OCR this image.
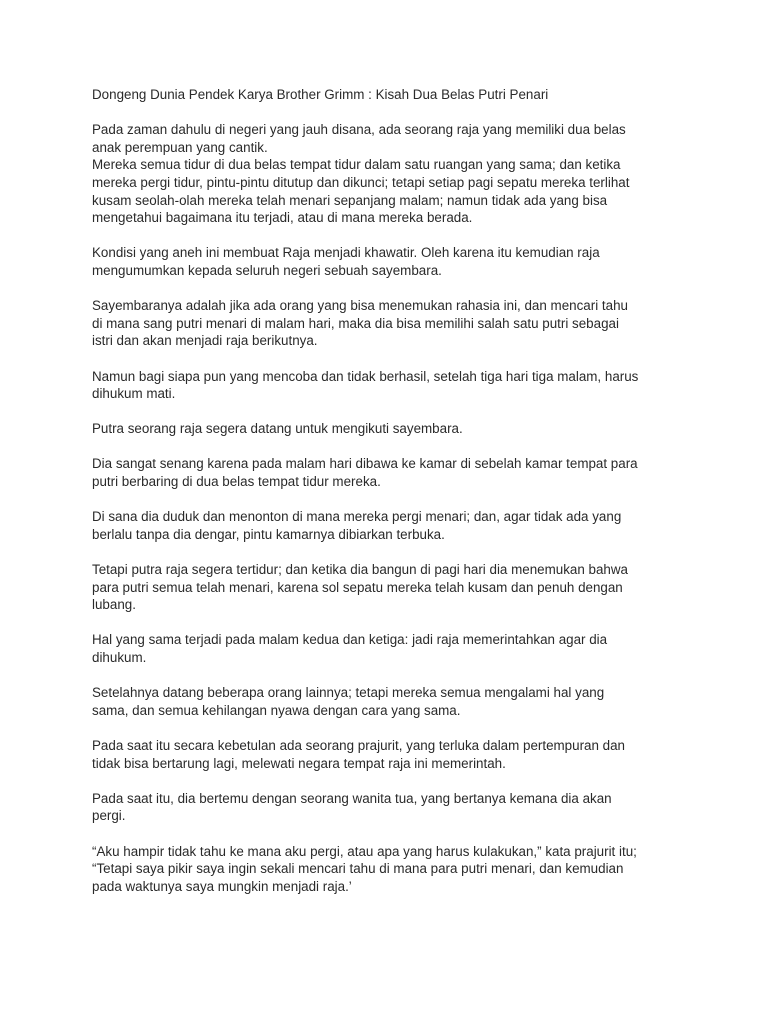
Dongeng Dunia Pendek Karya Brother Grimm : Kisah Dua Belas Putri Penari

Pada zaman dahulu di negeri yang jauh disana, ada seorang raja yang memiliki dua belas
anak perempuan yang cantik.
Mereka semua tidur di dua belas tempat tidur dalam satu ruangan yang sama; dan ketika
mereka pergi tidur, pintu-pintu ditutup dan dikunci; tetapi setiap pagi sepatu mereka terlihat
kusam seolah-olah mereka telah menari sepanjang malam; namun tidak ada yang bisa
mengetahui bagaimana itu terjadi, atau di mana mereka berada.

Kondisi yang aneh ini membuat Raja menjadi khawatir. Oleh karena itu kemudian raja
mengumumkan kepada seluruh negeri sebuah sayembara.

Sayembaranya adalah jika ada orang yang bisa menemukan rahasia ini, dan mencari tahu
di mana sang putri menari di malam hari, maka dia bisa memilihi salah satu putri sebagai
istri dan akan menjadi raja berikutnya.

Namun bagi siapa pun yang mencoba dan tidak berhasil, setelah tiga hari tiga malam, harus
dihukum mati.

Putra seorang raja segera datang untuk mengikuti sayembara.

Dia sangat senang karena pada malam hari dibawa ke kamar di sebelah kamar tempat para
putri berbaring di dua belas tempat tidur mereka.

Di sana dia duduk dan menonton di mana mereka pergi menari; dan, agar tidak ada yang
berlalu tanpa dia dengar, pintu kamarnya dibiarkan terbuka.

Tetapi putra raja segera tertidur; dan ketika dia bangun di pagi hari dia menemukan bahwa
para putri semua telah menari, karena sol sepatu mereka telah kusam dan penuh dengan
lubang.

Hal yang sama terjadi pada malam kedua dan ketiga: jadi raja memerintahkan agar dia
dihukum.

Setelahnya datang beberapa orang lainnya; tetapi mereka semua mengalami hal yang
sama, dan semua kehilangan nyawa dengan cara yang sama.

Pada saat itu secara kebetulan ada seorang prajurit, yang terluka dalam pertempuran dan
tidak bisa bertarung lagi, melewati negara tempat raja ini memerintah.

Pada saat itu, dia bertemu dengan seorang wanita tua, yang bertanya kemana dia akan
pergi.

“Aku hampir tidak tahu ke mana aku pergi, atau apa yang harus kulakukan,” kata prajurit itu;
“Tetapi saya pikir saya ingin sekali mencari tahu di mana para putri menari, dan kemudian
pada waktunya saya mungkin menjadi raja.’
